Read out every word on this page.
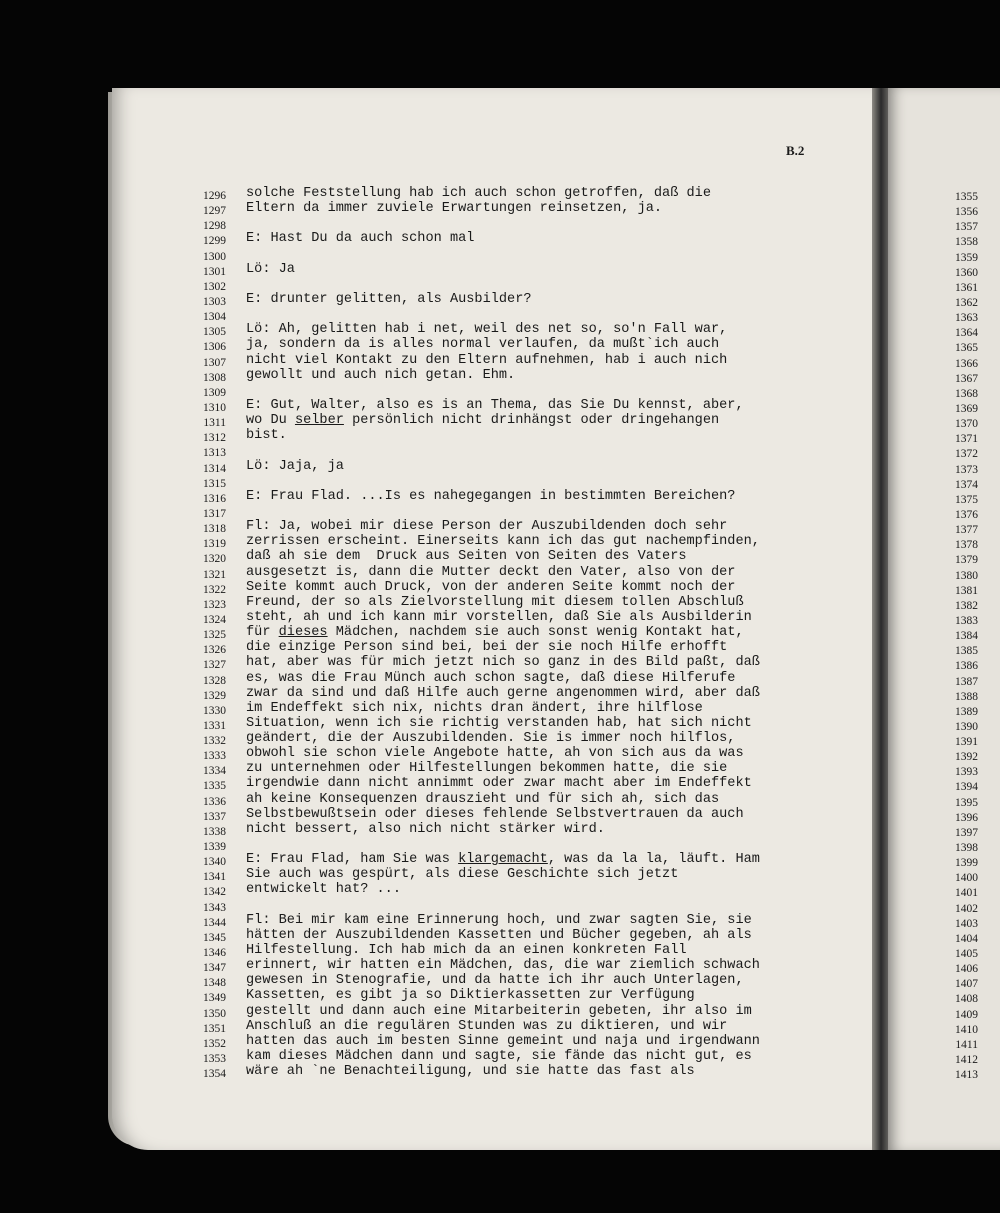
B.2
1296
1297
1298
1299
1300
1301
1302
1303
1304
1305
1306
1307
1308
1309
1310
1311
1312
1313
1314
1315
1316
1317
1318
1319
1320
1321
1322
1323
1324
1325
1326
1327
1328
1329
1330
1331
1332
1333
1334
1335
1336
1337
1338
1339
1340
1341
1342
1343
1344
1345
1346
1347
1348
1349
1350
1351
1352
1353
1354
solche Feststellung hab ich auch schon getroffen, daß die
Eltern da immer zuviele Erwartungen reinsetzen, ja.
E: Hast Du da auch schon mal
Lö: Ja
E: drunter gelitten, als Ausbilder?
Lö: Ah, gelitten hab i net, weil des net so, so'n Fall war,
ja, sondern da is alles normal verlaufen, da mußt`ich auch
nicht viel Kontakt zu den Eltern aufnehmen, hab i auch nich
gewollt und auch nich getan. Ehm.
E: Gut, Walter, also es is an Thema, das Sie Du kennst, aber,
wo Du selber persönlich nicht drinhängst oder dringehangen
bist.
Lö: Jaja, ja
E: Frau Flad. ...Is es nahegegangen in bestimmten Bereichen?
Fl: Ja, wobei mir diese Person der Auszubildenden doch sehr
zerrissen erscheint. Einerseits kann ich das gut nachempfinden,
daß ah sie dem  Druck aus Seiten von Seiten des Vaters
ausgesetzt is, dann die Mutter deckt den Vater, also von der
Seite kommt auch Druck, von der anderen Seite kommt noch der
Freund, der so als Zielvorstellung mit diesem tollen Abschluß
steht, ah und ich kann mir vorstellen, daß Sie als Ausbilderin
für dieses Mädchen, nachdem sie auch sonst wenig Kontakt hat,
die einzige Person sind bei, bei der sie noch Hilfe erhofft
hat, aber was für mich jetzt nich so ganz in des Bild paßt, daß
es, was die Frau Münch auch schon sagte, daß diese Hilferufe
zwar da sind und daß Hilfe auch gerne angenommen wird, aber daß
im Endeffekt sich nix, nichts dran ändert, ihre hilflose
Situation, wenn ich sie richtig verstanden hab, hat sich nicht
geändert, die der Auszubildenden. Sie is immer noch hilflos,
obwohl sie schon viele Angebote hatte, ah von sich aus da was
zu unternehmen oder Hilfestellungen bekommen hatte, die sie
irgendwie dann nicht annimmt oder zwar macht aber im Endeffekt
ah keine Konsequenzen drauszieht und für sich ah, sich das
Selbstbewußtsein oder dieses fehlende Selbstvertrauen da auch
nicht bessert, also nich nicht stärker wird.
E: Frau Flad, ham Sie was klargemacht, was da la la, läuft. Ham
Sie auch was gespürt, als diese Geschichte sich jetzt
entwickelt hat? ...
Fl: Bei mir kam eine Erinnerung hoch, und zwar sagten Sie, sie
hätten der Auszubildenden Kassetten und Bücher gegeben, ah als
Hilfestellung. Ich hab mich da an einen konkreten Fall
erinnert, wir hatten ein Mädchen, das, die war ziemlich schwach
gewesen in Stenografie, und da hatte ich ihr auch Unterlagen,
Kassetten, es gibt ja so Diktierkassetten zur Verfügung
gestellt und dann auch eine Mitarbeiterin gebeten, ihr also im
Anschluß an die regulären Stunden was zu diktieren, und wir
hatten das auch im besten Sinne gemeint und naja und irgendwann
kam dieses Mädchen dann und sagte, sie fände das nicht gut, es
wäre ah `ne Benachteiligung, und sie hatte das fast als
1355
1356
1357
1358
1359
1360
1361
1362
1363
1364
1365
1366
1367
1368
1369
1370
1371
1372
1373
1374
1375
1376
1377
1378
1379
1380
1381
1382
1383
1384
1385
1386
1387
1388
1389
1390
1391
1392
1393
1394
1395
1396
1397
1398
1399
1400
1401
1402
1403
1404
1405
1406
1407
1408
1409
1410
1411
1412
1413
